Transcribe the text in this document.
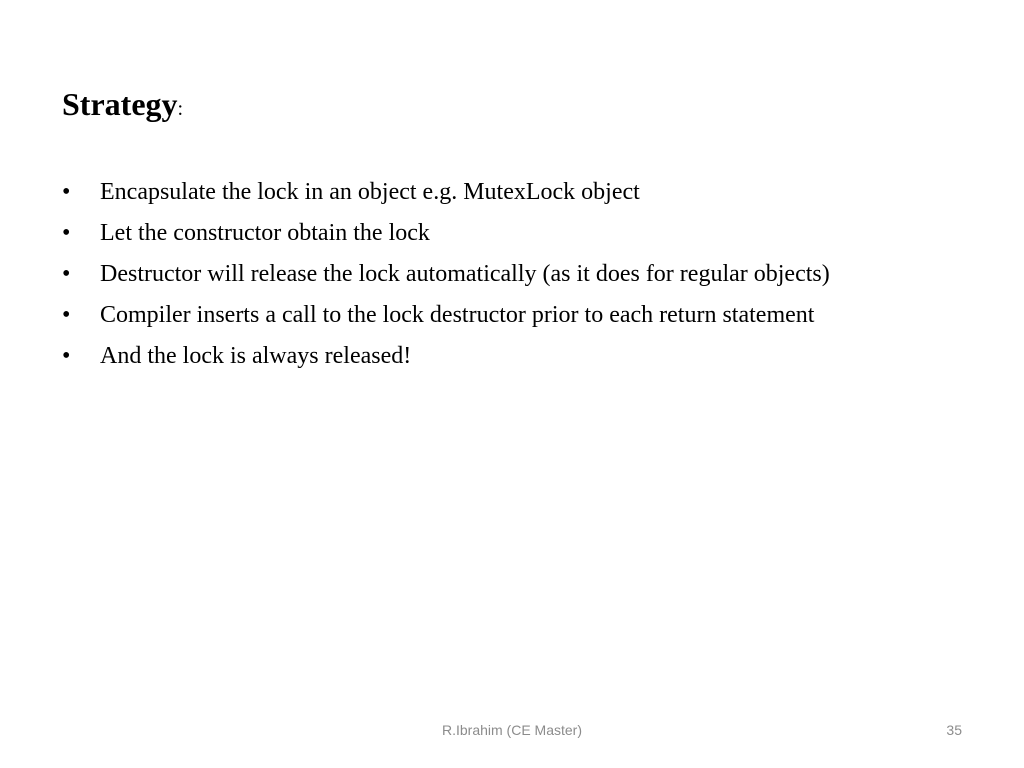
Strategy:
•	Encapsulate the lock in an object e.g. MutexLock object
•	Let the constructor obtain the lock
•	Destructor will release the lock automatically (as it does for regular objects)
•	Compiler inserts a call to the lock destructor prior to each return statement
•	And the lock is always released!
R.Ibrahim (CE Master)	35
